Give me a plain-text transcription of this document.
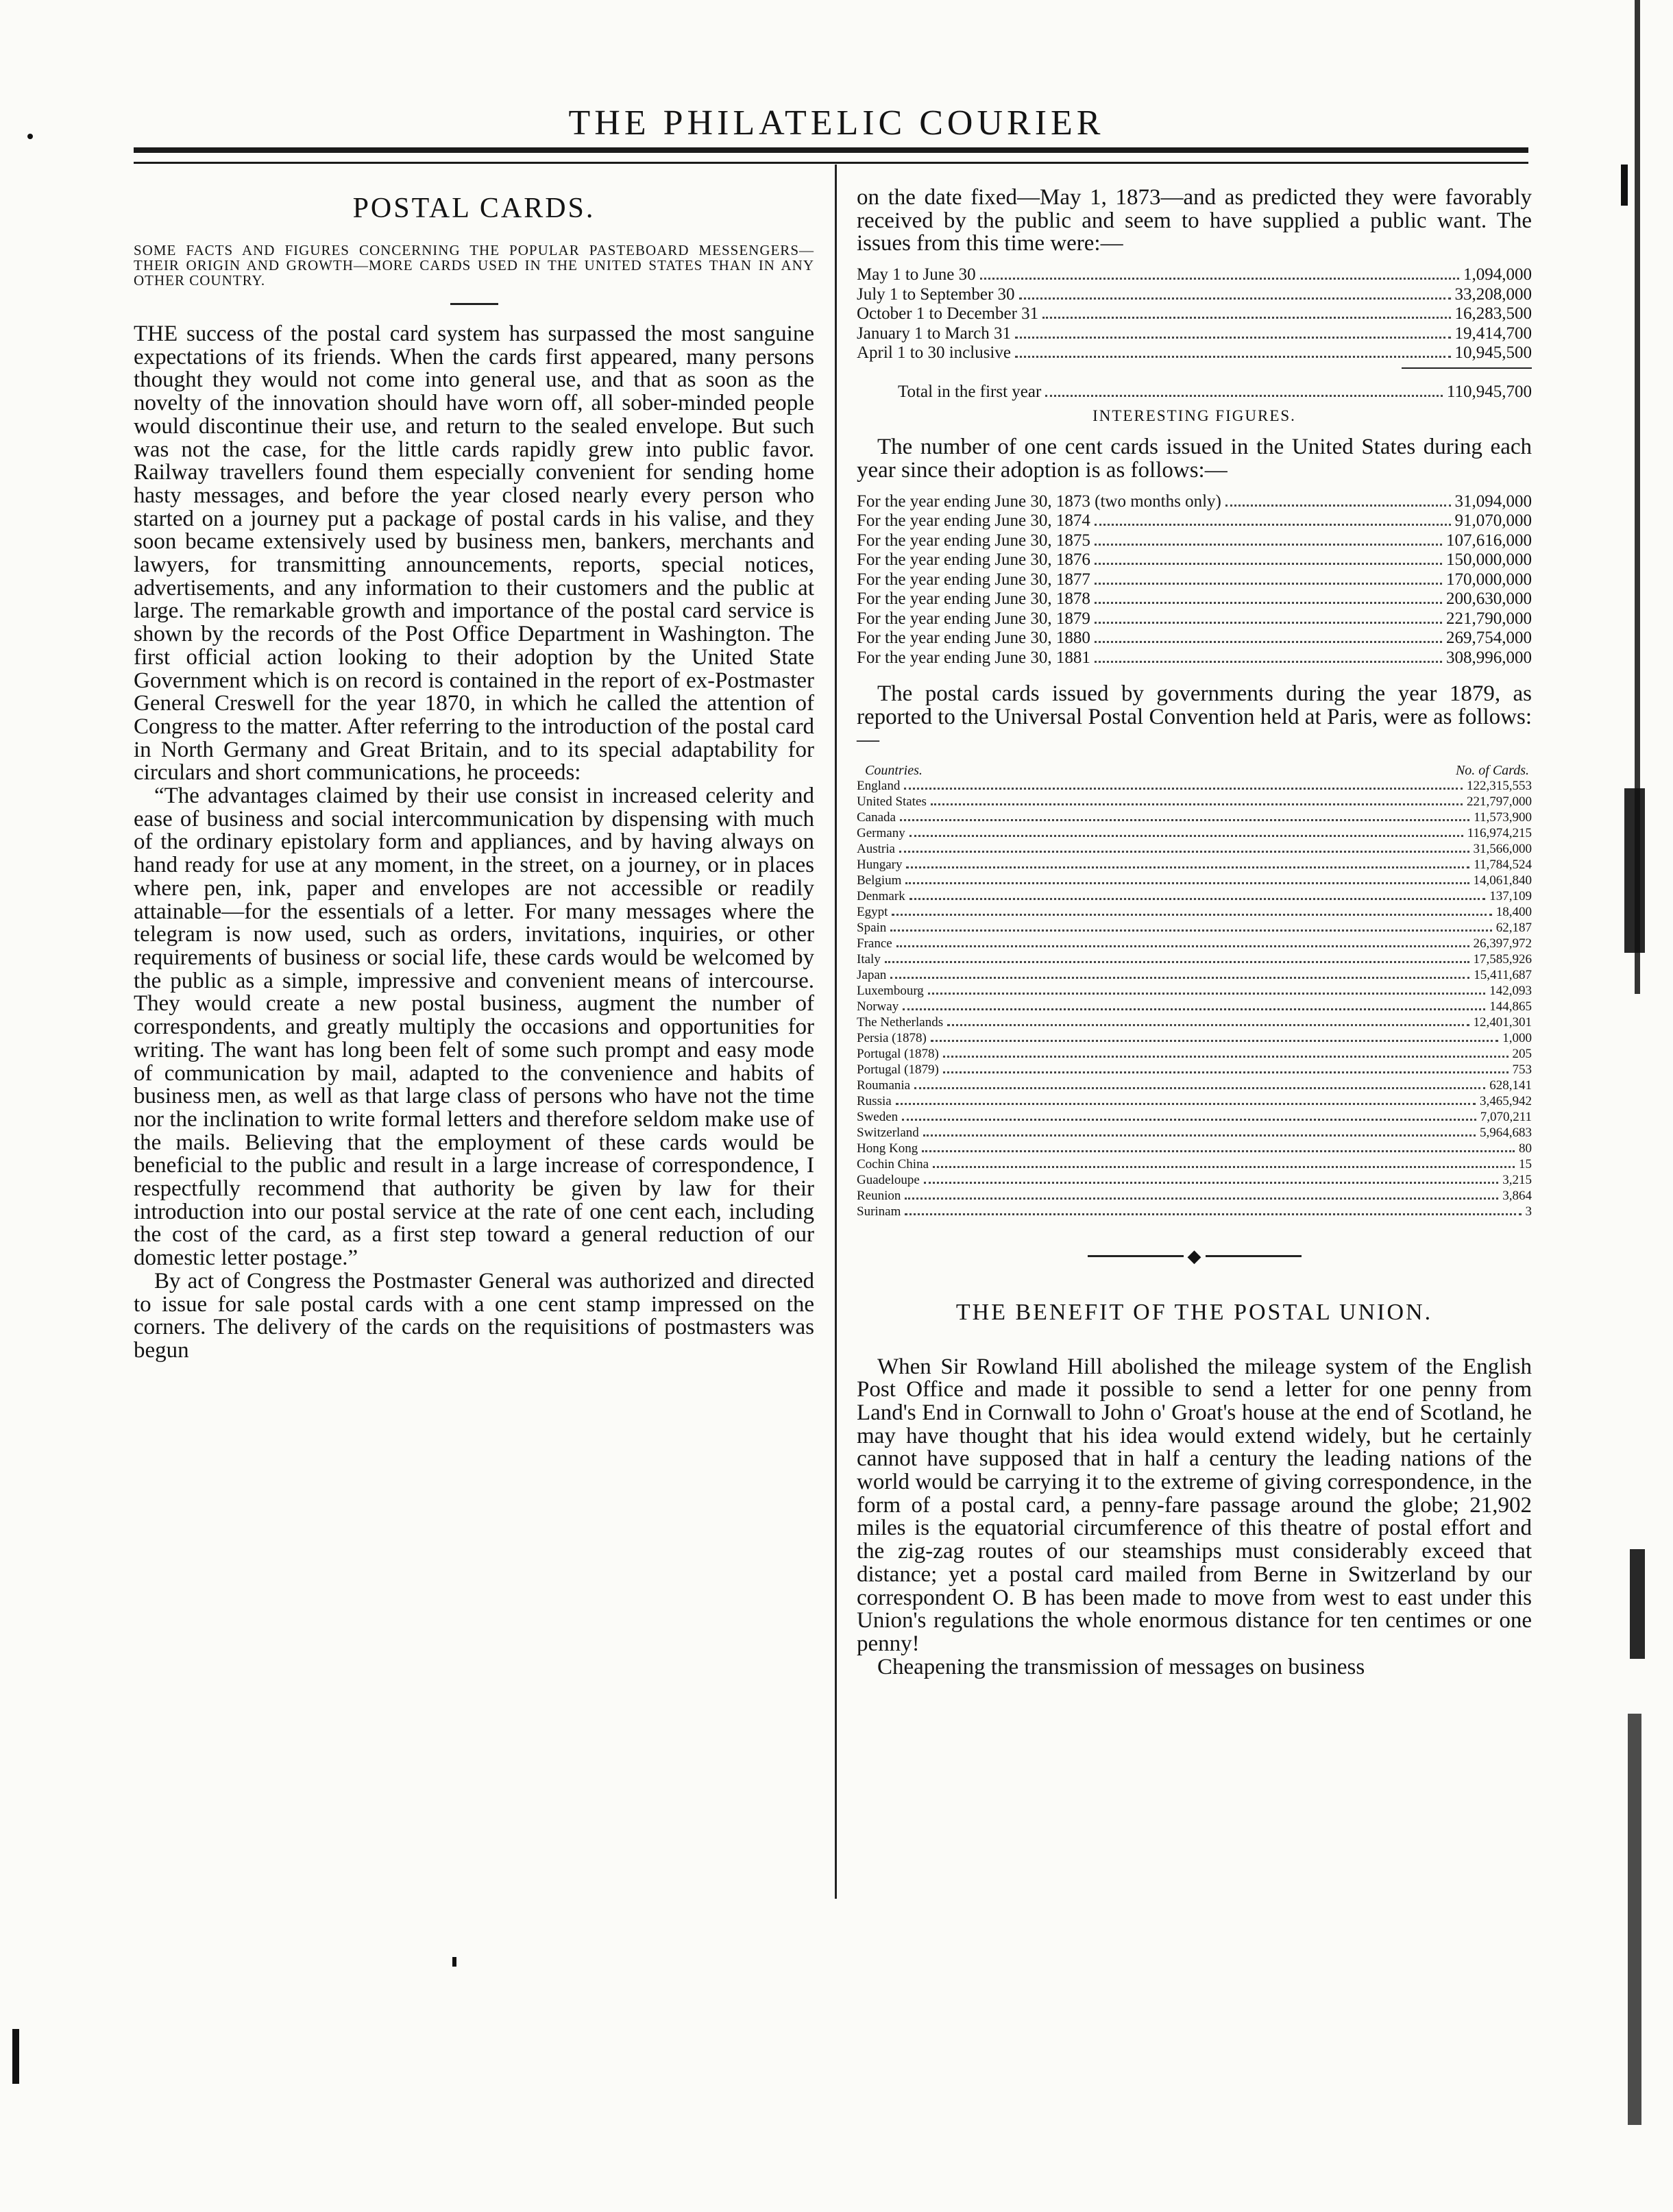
THE PHILATELIC COURIER
POSTAL CARDS.
SOME FACTS AND FIGURES CONCERNING THE POPULAR PASTEBOARD MESSENGERS—THEIR ORIGIN AND GROWTH—MORE CARDS USED IN THE UNITED STATES THAN IN ANY OTHER COUNTRY.

THE success of the postal card system has surpassed the most sanguine expectations of its friends. When the cards first appeared, many persons thought they would not come into general use, and that as soon as the novelty of the innovation should have worn off, all sober-minded people would discontinue their use, and return to the sealed envelope. But such was not the case, for the little cards rapidly grew into public favor. Railway travellers found them especially convenient for sending home hasty messages, and before the year closed nearly every person who started on a journey put a package of postal cards in his valise, and they soon became extensively used by business men, bankers, merchants and lawyers, for transmitting announcements, reports, special notices, advertisements, and any information to their customers and the public at large. The remarkable growth and importance of the postal card service is shown by the records of the Post Office Department in Washington. The first official action looking to their adoption by the United State Government which is on record is contained in the report of ex-Postmaster General Creswell for the year 1870, in which he called the attention of Congress to the matter. After referring to the introduction of the postal card in North Germany and Great Britain, and to its special adaptability for circulars and short communications, he proceeds:

“The advantages claimed by their use consist in increased celerity and ease of business and social intercommunication by dispensing with much of the ordinary epistolary form and appliances, and by having always on hand ready for use at any moment, in the street, on a journey, or in places where pen, ink, paper and envelopes are not accessible or readily attainable—for the essentials of a letter. For many messages where the telegram is now used, such as orders, invitations, inquiries, or other requirements of business or social life, these cards would be welcomed by the public as a simple, impressive and convenient means of intercourse. They would create a new postal business, augment the number of correspondents, and greatly multiply the occasions and opportunities for writing. The want has long been felt of some such prompt and easy mode of communication by mail, adapted to the convenience and habits of business men, as well as that large class of persons who have not the time nor the inclination to write formal letters and therefore seldom make use of the mails. Believing that the employment of these cards would be beneficial to the public and result in a large increase of correspondence, I respectfully recommend that authority be given by law for their introduction into our postal service at the rate of one cent each, including the cost of the card, as a first step toward a general reduction of our domestic letter postage.”

By act of Congress the Postmaster General was authorized and directed to issue for sale postal cards with a one cent stamp impressed on the corners. The delivery of the cards on the requisitions of postmasters was begun

on the date fixed—May 1, 1873—and as predicted they were favorably received by the public and seem to have supplied a public want. The issues from this time were:—

May 1 to June 30	1,094,000
July 1 to September 30	33,208,000
October 1 to December 31	16,283,500
January 1 to March 31	19,414,700
April 1 to 30 inclusive	10,945,500
Total in the first year	110,945,700
INTERESTING FIGURES.

The number of one cent cards issued in the United States during each year since their adoption is as follows:—

For the year ending June 30, 1873 (two months only)	31,094,000
For the year ending June 30, 1874	91,070,000
For the year ending June 30, 1875	107,616,000
For the year ending June 30, 1876	150,000,000
For the year ending June 30, 1877	170,000,000
For the year ending June 30, 1878	200,630,000
For the year ending June 30, 1879	221,790,000
For the year ending June 30, 1880	269,754,000
For the year ending June 30, 1881	308,996,000

The postal cards issued by governments during the year 1879, as reported to the Universal Postal Convention held at Paris, were as follows:—

Countries.	No. of Cards.
England	122,315,553
United States	221,797,000
Canada	11,573,900
Germany	116,974,215
Austria	31,566,000
Hungary	11,784,524
Belgium	14,061,840
Denmark	137,109
Egypt	18,400
Spain	62,187
France	26,397,972
Italy	17,585,926
Japan	15,411,687
Luxembourg	142,093
Norway	144,865
The Netherlands	12,401,301
Persia (1878)	1,000
Portugal (1878)	205
Portugal (1879)	753
Roumania	628,141
Russia	3,465,942
Sweden	7,070,211
Switzerland	5,964,683
Hong Kong	80
Cochin China	15
Guadeloupe	3,215
Reunion	3,864
Surinam	3
◆
THE BENEFIT OF THE POSTAL UNION.

When Sir Rowland Hill abolished the mileage system of the English Post Office and made it possible to send a letter for one penny from Land's End in Cornwall to John o' Groat's house at the end of Scotland, he may have thought that his idea would extend widely, but he certainly cannot have supposed that in half a century the leading nations of the world would be carrying it to the extreme of giving correspondence, in the form of a postal card, a penny-fare passage around the globe; 21,902 miles is the equatorial circumference of this theatre of postal effort and the zig-zag routes of our steamships must considerably exceed that distance; yet a postal card mailed from Berne in Switzerland by our correspondent O. B has been made to move from west to east under this Union's regulations the whole enormous distance for ten centimes or one penny!

Cheapening the transmission of messages on business
